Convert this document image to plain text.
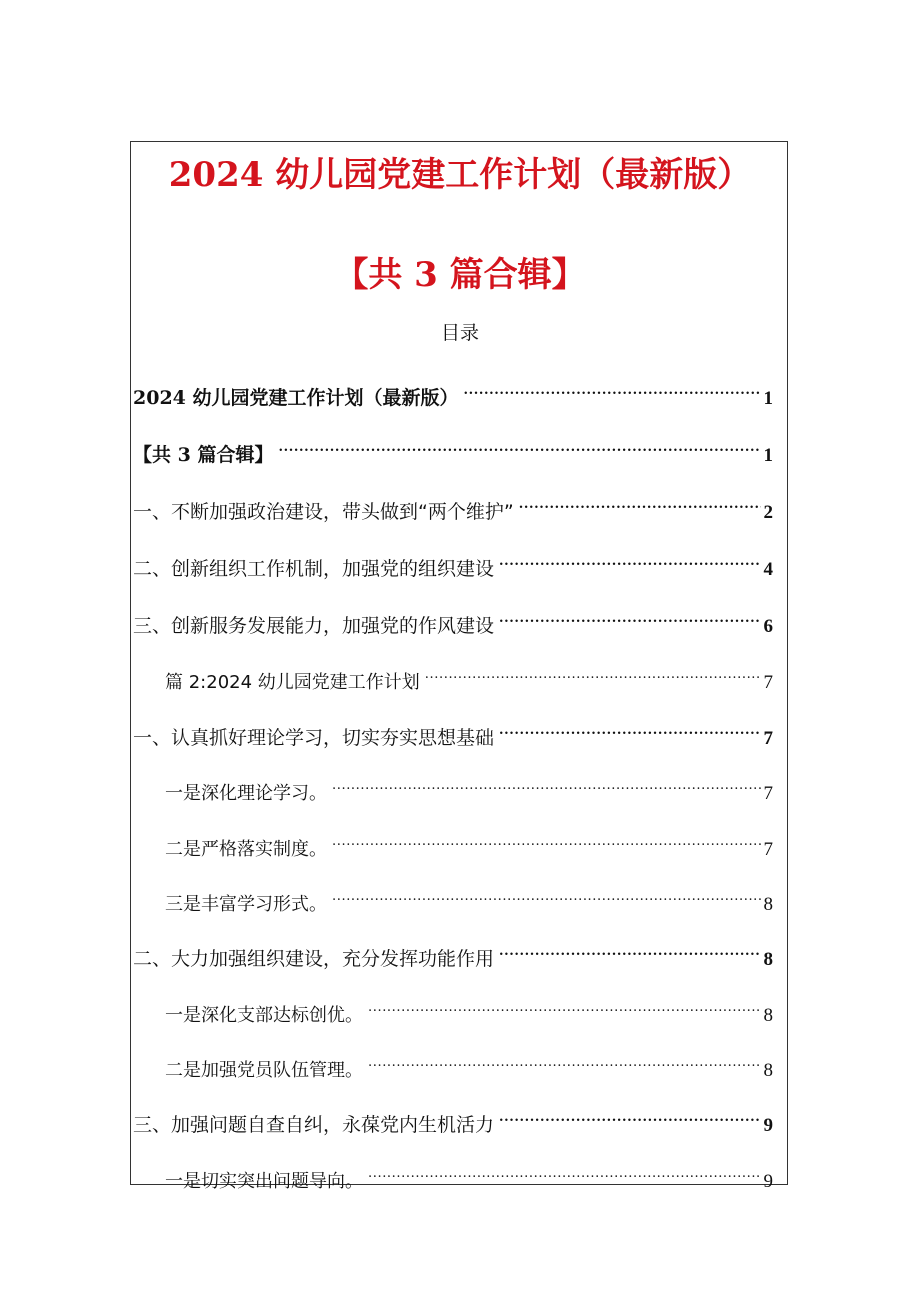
2024 幼儿园党建工作计划（最新版）
【共 3 篇合辑】
目录
2024 幼儿园党建工作计划（最新版） .....	1
【共 3 篇合辑】 .....	1
一、不断加强政治建设，带头做到“两个维护” .....	2
二、创新组织工作机制，加强党的组织建设 .....	4
三、创新服务发展能力，加强党的作风建设 .....	6
篇 2:2024 幼儿园党建工作计划 .....	7
一、认真抓好理论学习，切实夯实思想基础 .....	7
一是深化理论学习。 .....	7
二是严格落实制度。 .....	7
三是丰富学习形式。 .....	8
二、大力加强组织建设，充分发挥功能作用 .....	8
一是深化支部达标创优。 .....	8
二是加强党员队伍管理。 .....	8
三、加强问题自查自纠，永葆党内生机活力 .....	9
一是切实突出问题导向。 .....	9
